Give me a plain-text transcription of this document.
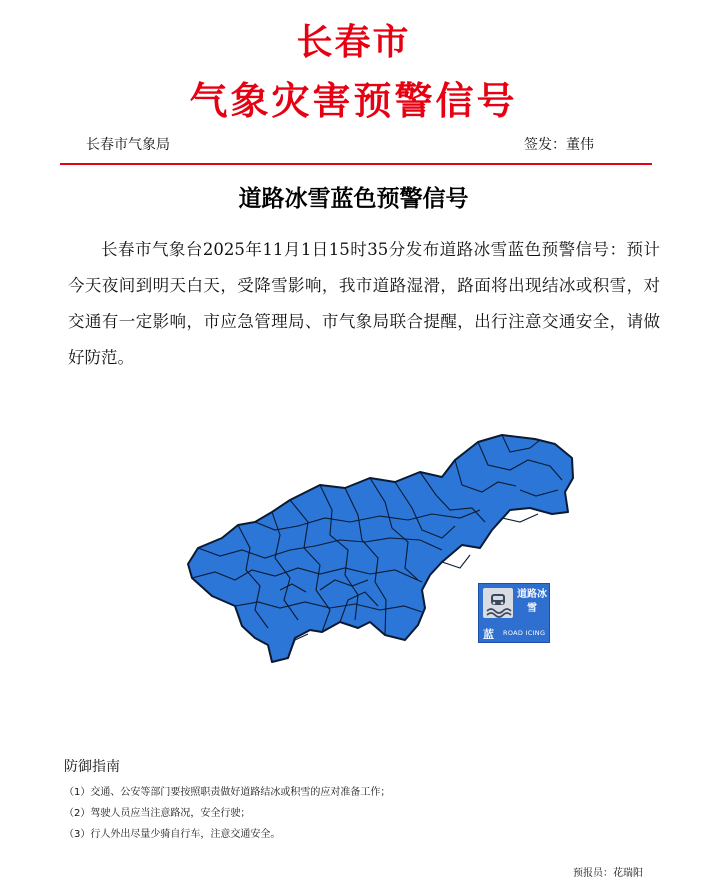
长春市
气象灾害预警信号
长春市气象局	签发：董伟
道路冰雪蓝色预警信号

长春市气象台2025年11月1日15时35分发布道路冰雪蓝色预警信号：预计今天夜间到明天白天，受降雪影响，我市道路湿滑，路面将出现结冰或积雪，对交通有一定影响，市应急管理局、市气象局联合提醒，出行注意交通安全，请做好防范。

道路冰雪
蓝 ROAD ICING
防御指南
（1）交通、公安等部门要按照职责做好道路结冰或积雪的应对准备工作；
（2）驾驶人员应当注意路况，安全行驶；
（3）行人外出尽量少骑自行车，注意交通安全。
预报员：花瑞阳
